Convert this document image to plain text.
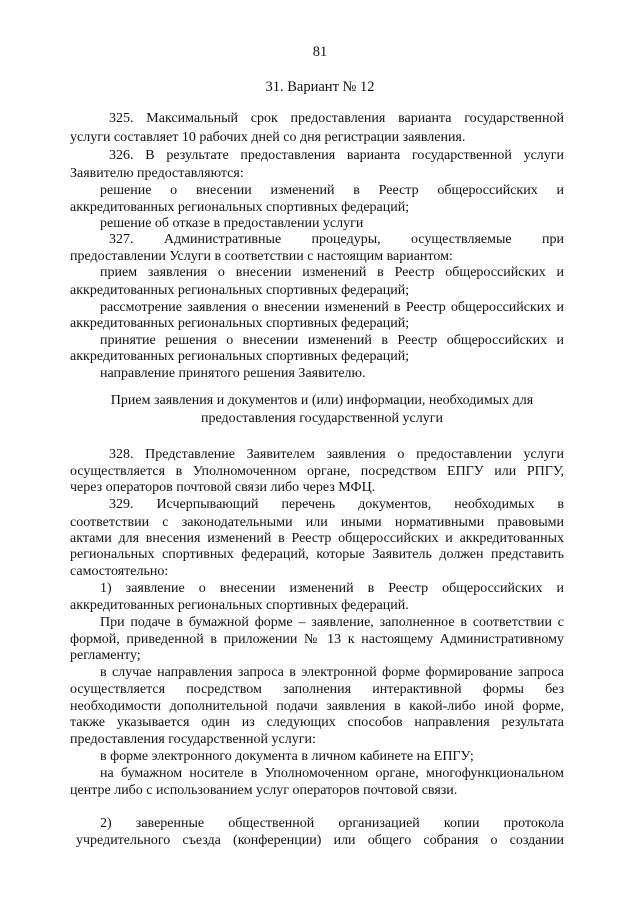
81
31. Вариант № 12
325. Максимальный срок предоставления варианта государственной
услуги составляет 10 рабочих дней со дня регистрации заявления.
326. В результате предоставления варианта государственной услуги
Заявителю предоставляются:
решение о внесении изменений в Реестр общероссийских и
аккредитованных региональных спортивных федераций;
решение об отказе в предоставлении услуги
327. Административные процедуры, осуществляемые при
предоставлении Услуги в соответствии с настоящим вариантом:
прием заявления о внесении изменений в Реестр общероссийских и
аккредитованных региональных спортивных федераций;
рассмотрение заявления о внесении изменений в Реестр общероссийских и
аккредитованных региональных спортивных федераций;
принятие решения о внесении изменений в Реестр общероссийских и
аккредитованных региональных спортивных федераций;
направление принятого решения Заявителю.
Прием заявления и документов и (или) информации, необходимых для предоставления государственной услуги
328. Представление Заявителем заявления о предоставлении услуги
осуществляется в Уполномоченном органе, посредством ЕПГУ или РПГУ,
через операторов почтовой связи либо через МФЦ.
329. Исчерпывающий перечень документов, необходимых в
соответствии с законодательными или иными нормативными правовыми
актами для внесения изменений в Реестр общероссийских и аккредитованных
региональных спортивных федераций, которые Заявитель должен представить
самостоятельно:
1) заявление о внесении изменений в Реестр общероссийских и
аккредитованных региональных спортивных федераций.
При подаче в бумажной форме – заявление, заполненное в соответствии с
формой, приведенной в приложении № 13 к настоящему Административному
регламенту;
в случае направления запроса в электронной форме формирование запроса
осуществляется посредством заполнения интерактивной формы без
необходимости дополнительной подачи заявления в какой-либо иной форме,
также указывается один из следующих способов направления результата
предоставления государственной услуги:
в форме электронного документа в личном кабинете на ЕПГУ;
на бумажном носителе в Уполномоченном органе, многофункциональном
центре либо с использованием услуг операторов почтовой связи.
2) заверенные общественной организацией копии протокола
учредительного съезда (конференции) или общего собрания о создании
